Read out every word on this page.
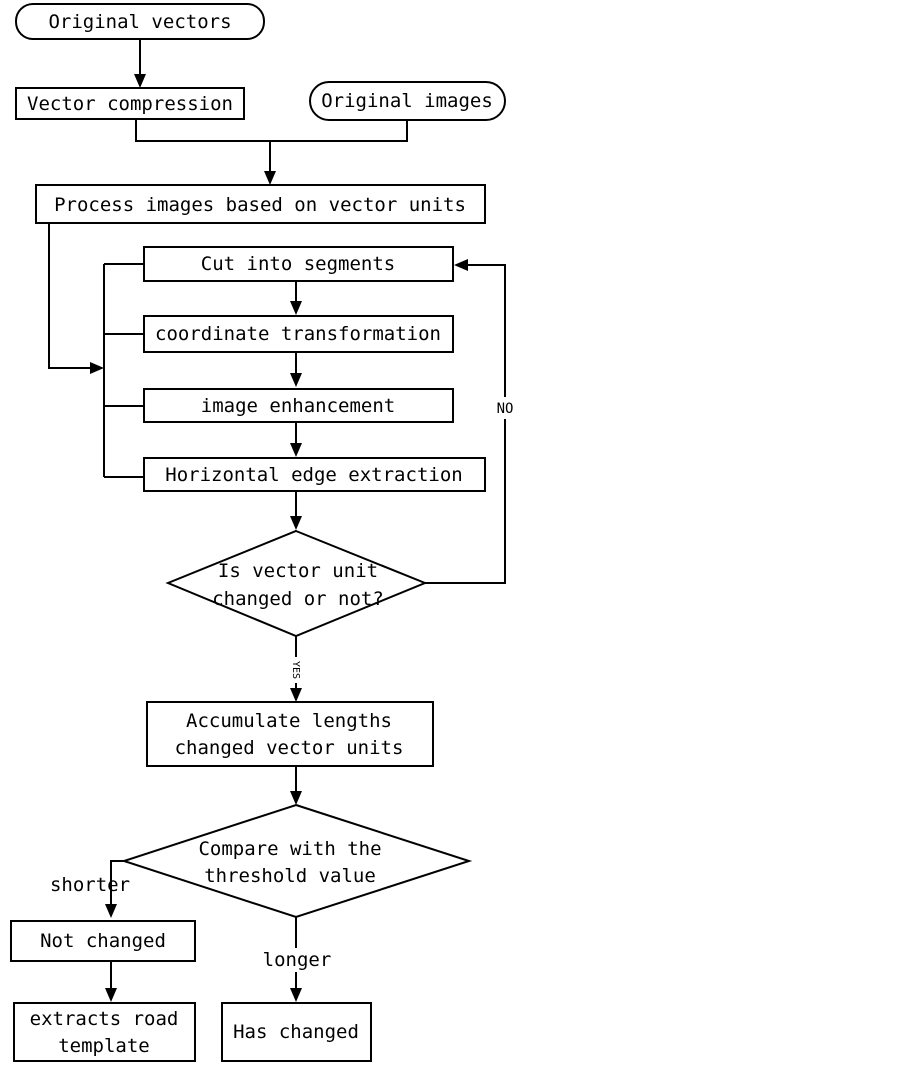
Original vectors
Vector compression	Original images
Process images based on vector units
Cut into segments
coordinate transformation
image enhancement
Horizontal edge extraction
Is vector unit
changed or not?
Accumulate lengths
changed vector units
Compare with the
threshold value
Not changed
extracts road
template
Has changed
NO
YES
shorter
longer
